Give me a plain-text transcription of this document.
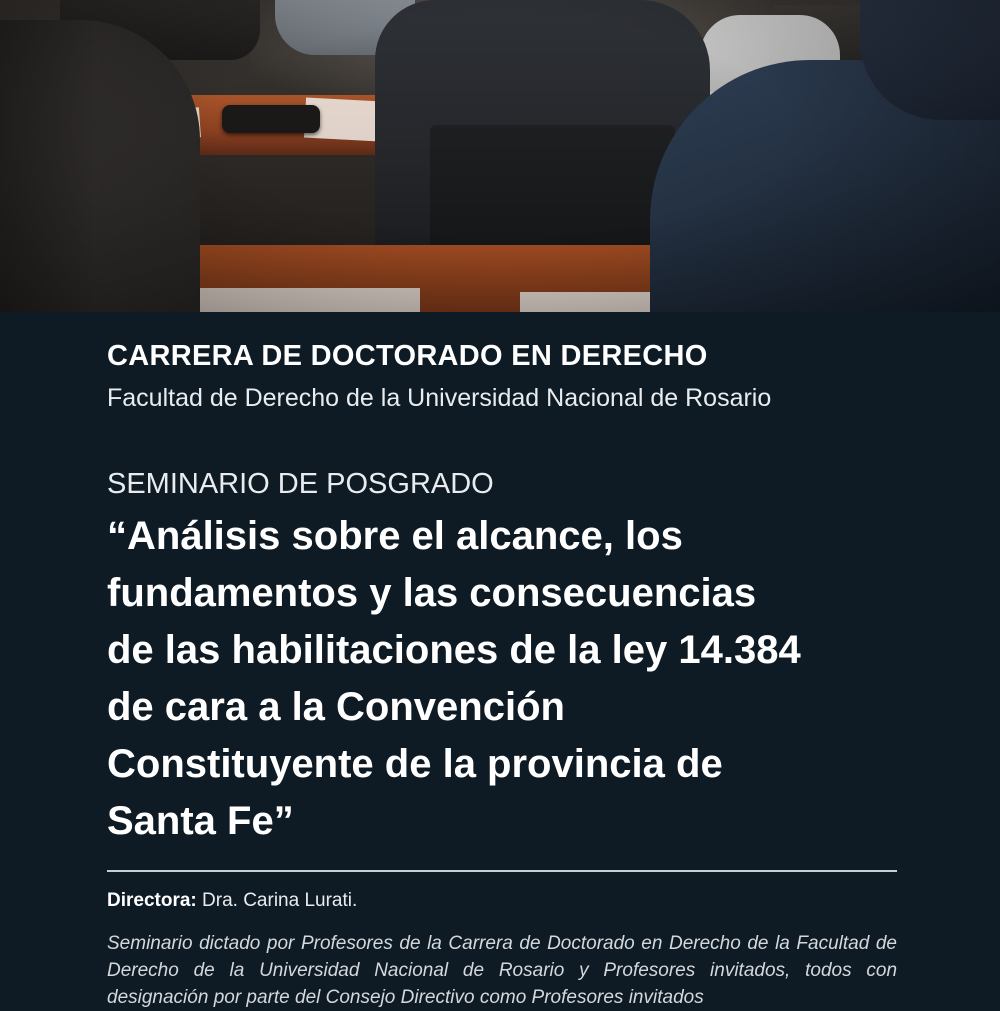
CARRERA DE DOCTORADO EN DERECHO

Facultad de Derecho de la Universidad Nacional de Rosario

SEMINARIO DE POSGRADO

“Análisis sobre el alcance, los
fundamentos y las consecuencias
de las habilitaciones de la ley 14.384
de cara a la Convención
Constituyente de la provincia de
Santa Fe”

Directora: Dra. Carina Lurati.

Seminario dictado por Profesores de la Carrera de Doctorado en Derecho de la Facultad de Derecho de la Universidad Nacional de Rosario y Profesores invitados, todos con designación por parte del Consejo Directivo como Profesores invitados
